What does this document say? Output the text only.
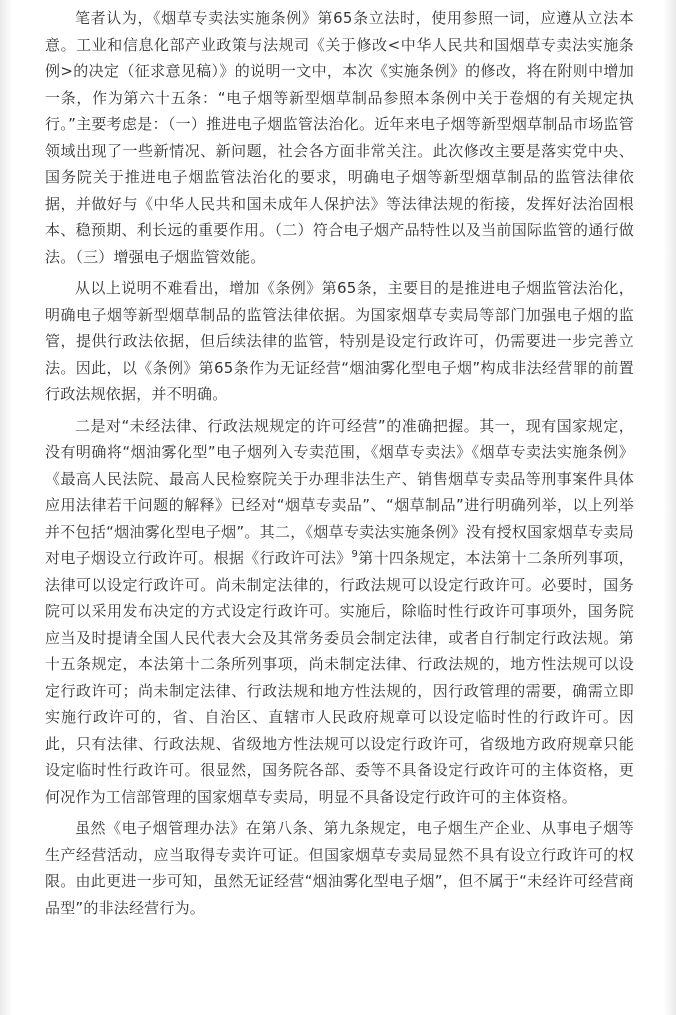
笔者认为，《烟草专卖法实施条例》第65条立法时，使用参照一词，应遵从立法本意。工业和信息化部产业政策与法规司《关于修改<中华人民共和国烟草专卖法实施条例>的决定（征求意见稿）》的说明一文中，本次《实施条例》的修改，将在附则中增加一条，作为第六十五条：“电子烟等新型烟草制品参照本条例中关于卷烟的有关规定执行。”主要考虑是：（一）推进电子烟监管法治化。近年来电子烟等新型烟草制品市场监管领域出现了一些新情况、新问题，社会各方面非常关注。此次修改主要是落实党中央、国务院关于推进电子烟监管法治化的要求，明确电子烟等新型烟草制品的监管法律依据，并做好与《中华人民共和国未成年人保护法》等法律法规的衔接，发挥好法治固根本、稳预期、利长远的重要作用。（二）符合电子烟产品特性以及当前国际监管的通行做法。（三）增强电子烟监管效能。

从以上说明不难看出，增加《条例》第65条，主要目的是推进电子烟监管法治化，明确电子烟等新型烟草制品的监管法律依据。为国家烟草专卖局等部门加强电子烟的监管，提供行政法依据，但后续法律的监管，特别是设定行政许可，仍需要进一步完善立法。因此，以《条例》第65条作为无证经营“烟油雾化型电子烟”构成非法经营罪的前置行政法规依据，并不明确。

二是对“未经法律、行政法规规定的许可经营”的准确把握。其一，现有国家规定，没有明确将“烟油雾化型”电子烟列入专卖范围，《烟草专卖法》《烟草专卖法实施条例》《最高人民法院、最高人民检察院关于办理非法生产、销售烟草专卖品等刑事案件具体应用法律若干问题的解释》已经对“烟草专卖品”、“烟草制品”进行明确列举，以上列举并不包括“烟油雾化型电子烟”。其二，《烟草专卖法实施条例》没有授权国家烟草专卖局对电子烟设立行政许可。根据《行政许可法》$^9$第十四条规定，本法第十二条所列事项，法律可以设定行政许可。尚未制定法律的，行政法规可以设定行政许可。必要时，国务院可以采用发布决定的方式设定行政许可。实施后，除临时性行政许可事项外，国务院应当及时提请全国人民代表大会及其常务委员会制定法律，或者自行制定行政法规。第十五条规定，本法第十二条所列事项，尚未制定法律、行政法规的，地方性法规可以设定行政许可；尚未制定法律、行政法规和地方性法规的，因行政管理的需要，确需立即实施行政许可的，省、自治区、直辖市人民政府规章可以设定临时性的行政许可。因此，只有法律、行政法规、省级地方性法规可以设定行政许可，省级地方政府规章只能设定临时性行政许可。很显然，国务院各部、委等不具备设定行政许可的主体资格，更何况作为工信部管理的国家烟草专卖局，明显不具备设定行政许可的主体资格。

虽然《电子烟管理办法》在第八条、第九条规定，电子烟生产企业、从事电子烟等生产经营活动，应当取得专卖许可证。但国家烟草专卖局显然不具有设立行政许可的权限。由此更进一步可知，虽然无证经营“烟油雾化型电子烟”，但不属于“未经许可经营商品型”的非法经营行为。
